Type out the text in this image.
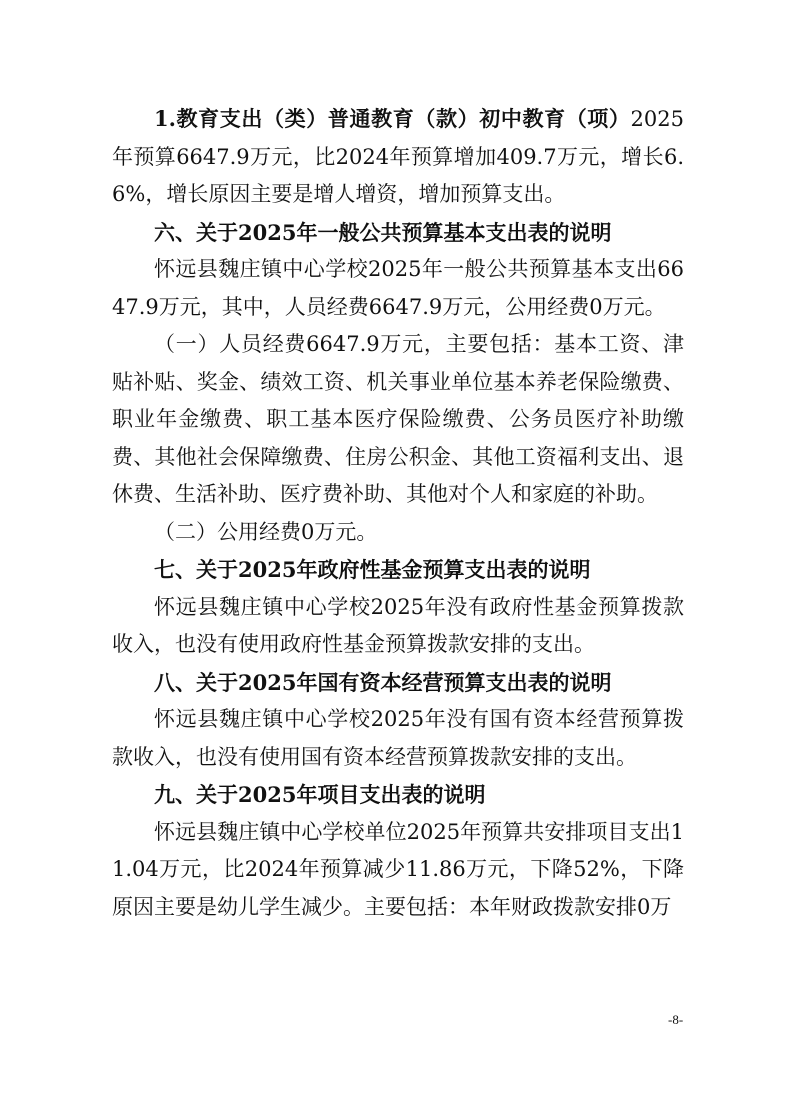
1.教育支出（类）普通教育（款）初中教育（项）2025年预算6647.9万元，比2024年预算增加409.7万元，增长6.6%，增长原因主要是增人增资，增加预算支出。

六、关于2025年一般公共预算基本支出表的说明

怀远县魏庄镇中心学校2025年一般公共预算基本支出6647.9万元，其中，人员经费6647.9万元，公用经费0万元。

（一）人员经费6647.9万元，主要包括：基本工资、津贴补贴、奖金、绩效工资、机关事业单位基本养老保险缴费、职业年金缴费、职工基本医疗保险缴费、公务员医疗补助缴费、其他社会保障缴费、住房公积金、其他工资福利支出、退休费、生活补助、医疗费补助、其他对个人和家庭的补助。

（二）公用经费0万元。

七、关于2025年政府性基金预算支出表的说明

怀远县魏庄镇中心学校2025年没有政府性基金预算拨款收入，也没有使用政府性基金预算拨款安排的支出。

八、关于2025年国有资本经营预算支出表的说明

怀远县魏庄镇中心学校2025年没有国有资本经营预算拨款收入，也没有使用国有资本经营预算拨款安排的支出。

九、关于2025年项目支出表的说明

怀远县魏庄镇中心学校单位2025年预算共安排项目支出11.04万元，比2024年预算减少11.86万元，下降52%，下降原因主要是幼儿学生减少。主要包括：本年财政拨款安排0万

-8-
